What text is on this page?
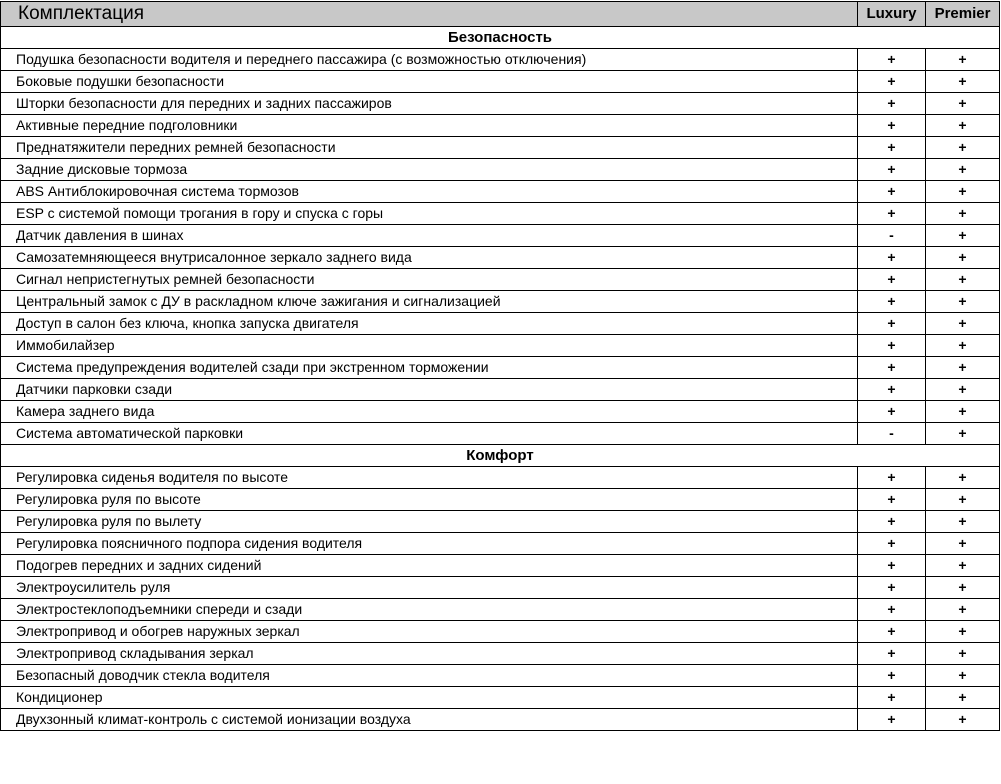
Комплектация	Luxury	Premier
Безопасность		
Подушка безопасности водителя и переднего пассажира (с возможностью отключения)	+	+
Боковые подушки безопасности	+	+
Шторки безопасности для передних и задних пассажиров	+	+
Активные передние подголовники	+	+
Преднатяжители передних ремней безопасности	+	+
Задние дисковые тормоза	+	+
ABS Антиблокировочная система тормозов	+	+
ESP с системой помощи трогания в гору и спуска с горы	+	+
Датчик давления в шинах	-	+
Самозатемняющееся внутрисалонное зеркало заднего вида	+	+
Сигнал непристегнутых ремней безопасности	+	+
Центральный замок с ДУ в раскладном ключе зажигания и сигнализацией	+	+
Доступ в салон без ключа, кнопка запуска двигателя	+	+
Иммобилайзер	+	+
Система предупреждения водителей сзади при экстренном торможении	+	+
Датчики парковки сзади	+	+
Камера заднего вида	+	+
Система автоматической парковки	-	+
Комфорт		
Регулировка сиденья водителя по высоте	+	+
Регулировка руля по высоте	+	+
Регулировка руля по вылету	+	+
Регулировка поясничного подпора сидения водителя	+	+
Подогрев передних и задних сидений	+	+
Электроусилитель руля	+	+
Электростеклоподъемники спереди и сзади	+	+
Электропривод и обогрев наружных зеркал	+	+
Электропривод складывания зеркал	+	+
Безопасный доводчик стекла водителя	+	+
Кондиционер	+	+
Двухзонный климат-контроль с системой ионизации воздуха	+	+
